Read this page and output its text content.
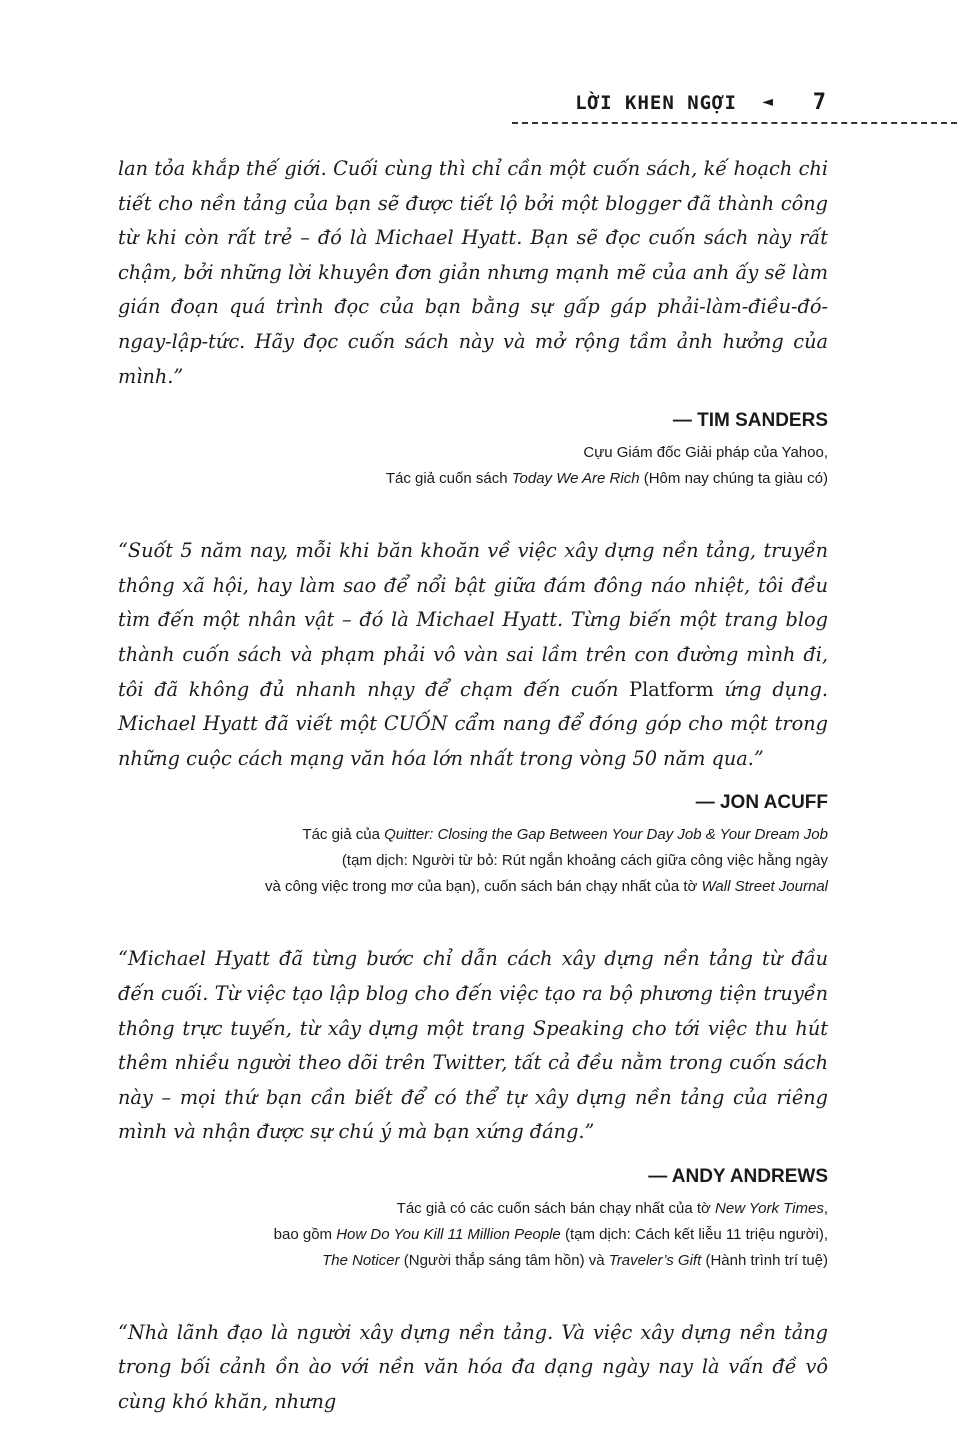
LỜI KHEN NGỢI ◄ 7

lan tỏa khắp thế giới. Cuối cùng thì chỉ cần một cuốn sách, kế hoạch chi tiết cho nền tảng của bạn sẽ được tiết lộ bởi một blogger đã thành công từ khi còn rất trẻ – đó là Michael Hyatt. Bạn sẽ đọc cuốn sách này rất chậm, bởi những lời khuyên đơn giản nhưng mạnh mẽ của anh ấy sẽ làm gián đoạn quá trình đọc của bạn bằng sự gấp gáp phải-làm-điều-đó-ngay-lập-tức. Hãy đọc cuốn sách này và mở rộng tầm ảnh hưởng của mình.”

— TIM SANDERS
Cựu Giám đốc Giải pháp của Yahoo,
Tác giả cuốn sách Today We Are Rich (Hôm nay chúng ta giàu có)

“Suốt 5 năm nay, mỗi khi băn khoăn về việc xây dựng nền tảng, truyền thông xã hội, hay làm sao để nổi bật giữa đám đông náo nhiệt, tôi đều tìm đến một nhân vật – đó là Michael Hyatt. Từng biến một trang blog thành cuốn sách và phạm phải vô vàn sai lầm trên con đường mình đi, tôi đã không đủ nhanh nhạy để chạm đến cuốn Platform ứng dụng. Michael Hyatt đã viết một CUỐN cẩm nang để đóng góp cho một trong những cuộc cách mạng văn hóa lớn nhất trong vòng 50 năm qua.”

— JON ACUFF
Tác giả của Quitter: Closing the Gap Between Your Day Job & Your Dream Job
(tạm dịch: Người từ bỏ: Rút ngắn khoảng cách giữa công việc hằng ngày
và công việc trong mơ của bạn), cuốn sách bán chạy nhất của tờ Wall Street Journal

“Michael Hyatt đã từng bước chỉ dẫn cách xây dựng nền tảng từ đầu đến cuối. Từ việc tạo lập blog cho đến việc tạo ra bộ phương tiện truyền thông trực tuyến, từ xây dựng một trang Speaking cho tới việc thu hút thêm nhiều người theo dõi trên Twitter, tất cả đều nằm trong cuốn sách này – mọi thứ bạn cần biết để có thể tự xây dựng nền tảng của riêng mình và nhận được sự chú ý mà bạn xứng đáng.”

— ANDY ANDREWS
Tác giả có các cuốn sách bán chạy nhất của tờ New York Times,
bao gồm How Do You Kill 11 Million People (tạm dịch: Cách kết liễu 11 triệu người),
The Noticer (Người thắp sáng tâm hồn) và Traveler’s Gift (Hành trình trí tuệ)

“Nhà lãnh đạo là người xây dựng nền tảng. Và việc xây dựng nền tảng trong bối cảnh ồn ào với nền văn hóa đa dạng ngày nay là vấn đề vô cùng khó khăn, nhưng
